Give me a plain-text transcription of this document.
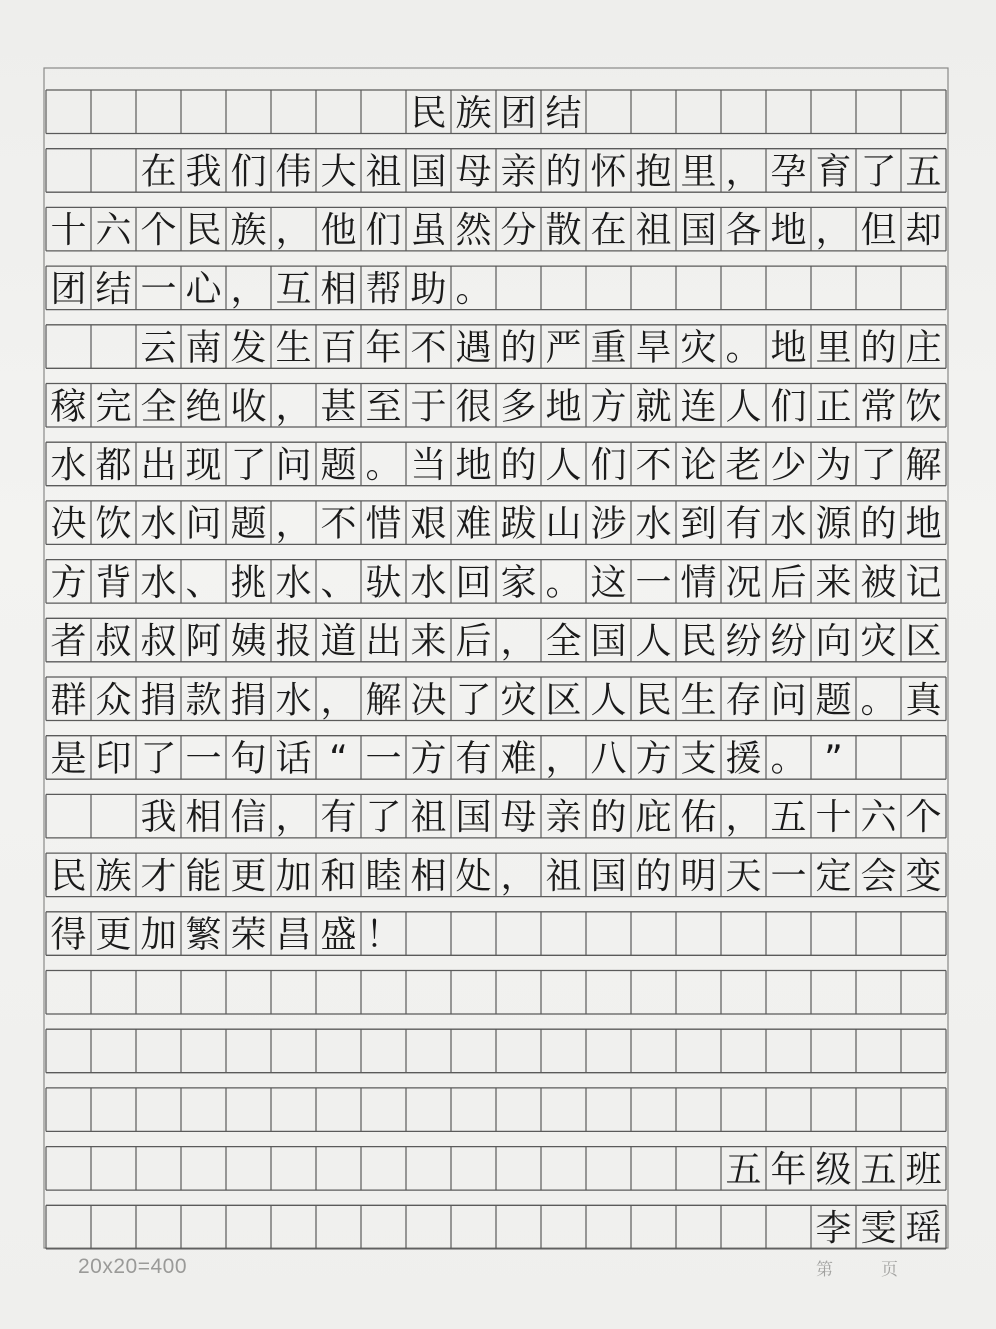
民 族 团 结
在 我 们 伟 大 祖 国 母 亲 的 怀 抱 里 ， 孕 育 了 五
十 六 个 民 族 ， 他 们 虽 然 分 散 在 祖 国 各 地 ， 但 却
团 结 一 心 ， 互 相 帮 助 。
云 南 发 生 百 年 不 遇 的 严 重 旱 灾 。 地 里 的 庄
稼 完 全 绝 收 ， 甚 至 于 很 多 地 方 就 连 人 们 正 常 饮
水 都 出 现 了 问 题 。 当 地 的 人 们 不 论 老 少 为 了 解
决 饮 水 问 题 ， 不 惜 艰 难 跋 山 涉 水 到 有 水 源 的 地
方 背 水 、 挑 水 、 驮 水 回 家 。 这 一 情 况 后 来 被 记
者 叔 叔 阿 姨 报 道 出 来 后 ， 全 国 人 民 纷 纷 向 灾 区
群 众 捐 款 捐 水 ， 解 决 了 灾 区 人 民 生 存 问 题 。 真
是 印 了 一 句 话 “ 一 方 有 难 ， 八 方 支 援 。 ”
我 相 信 ， 有 了 祖 国 母 亲 的 庇 佑 ， 五 十 六 个
民 族 才 能 更 加 和 睦 相 处 ， 祖 国 的 明 天 一 定 会 变
得 更 加 繁 荣 昌 盛 ！
五 年 级 五 班
李 雯 瑶
20x20=400	第	页
